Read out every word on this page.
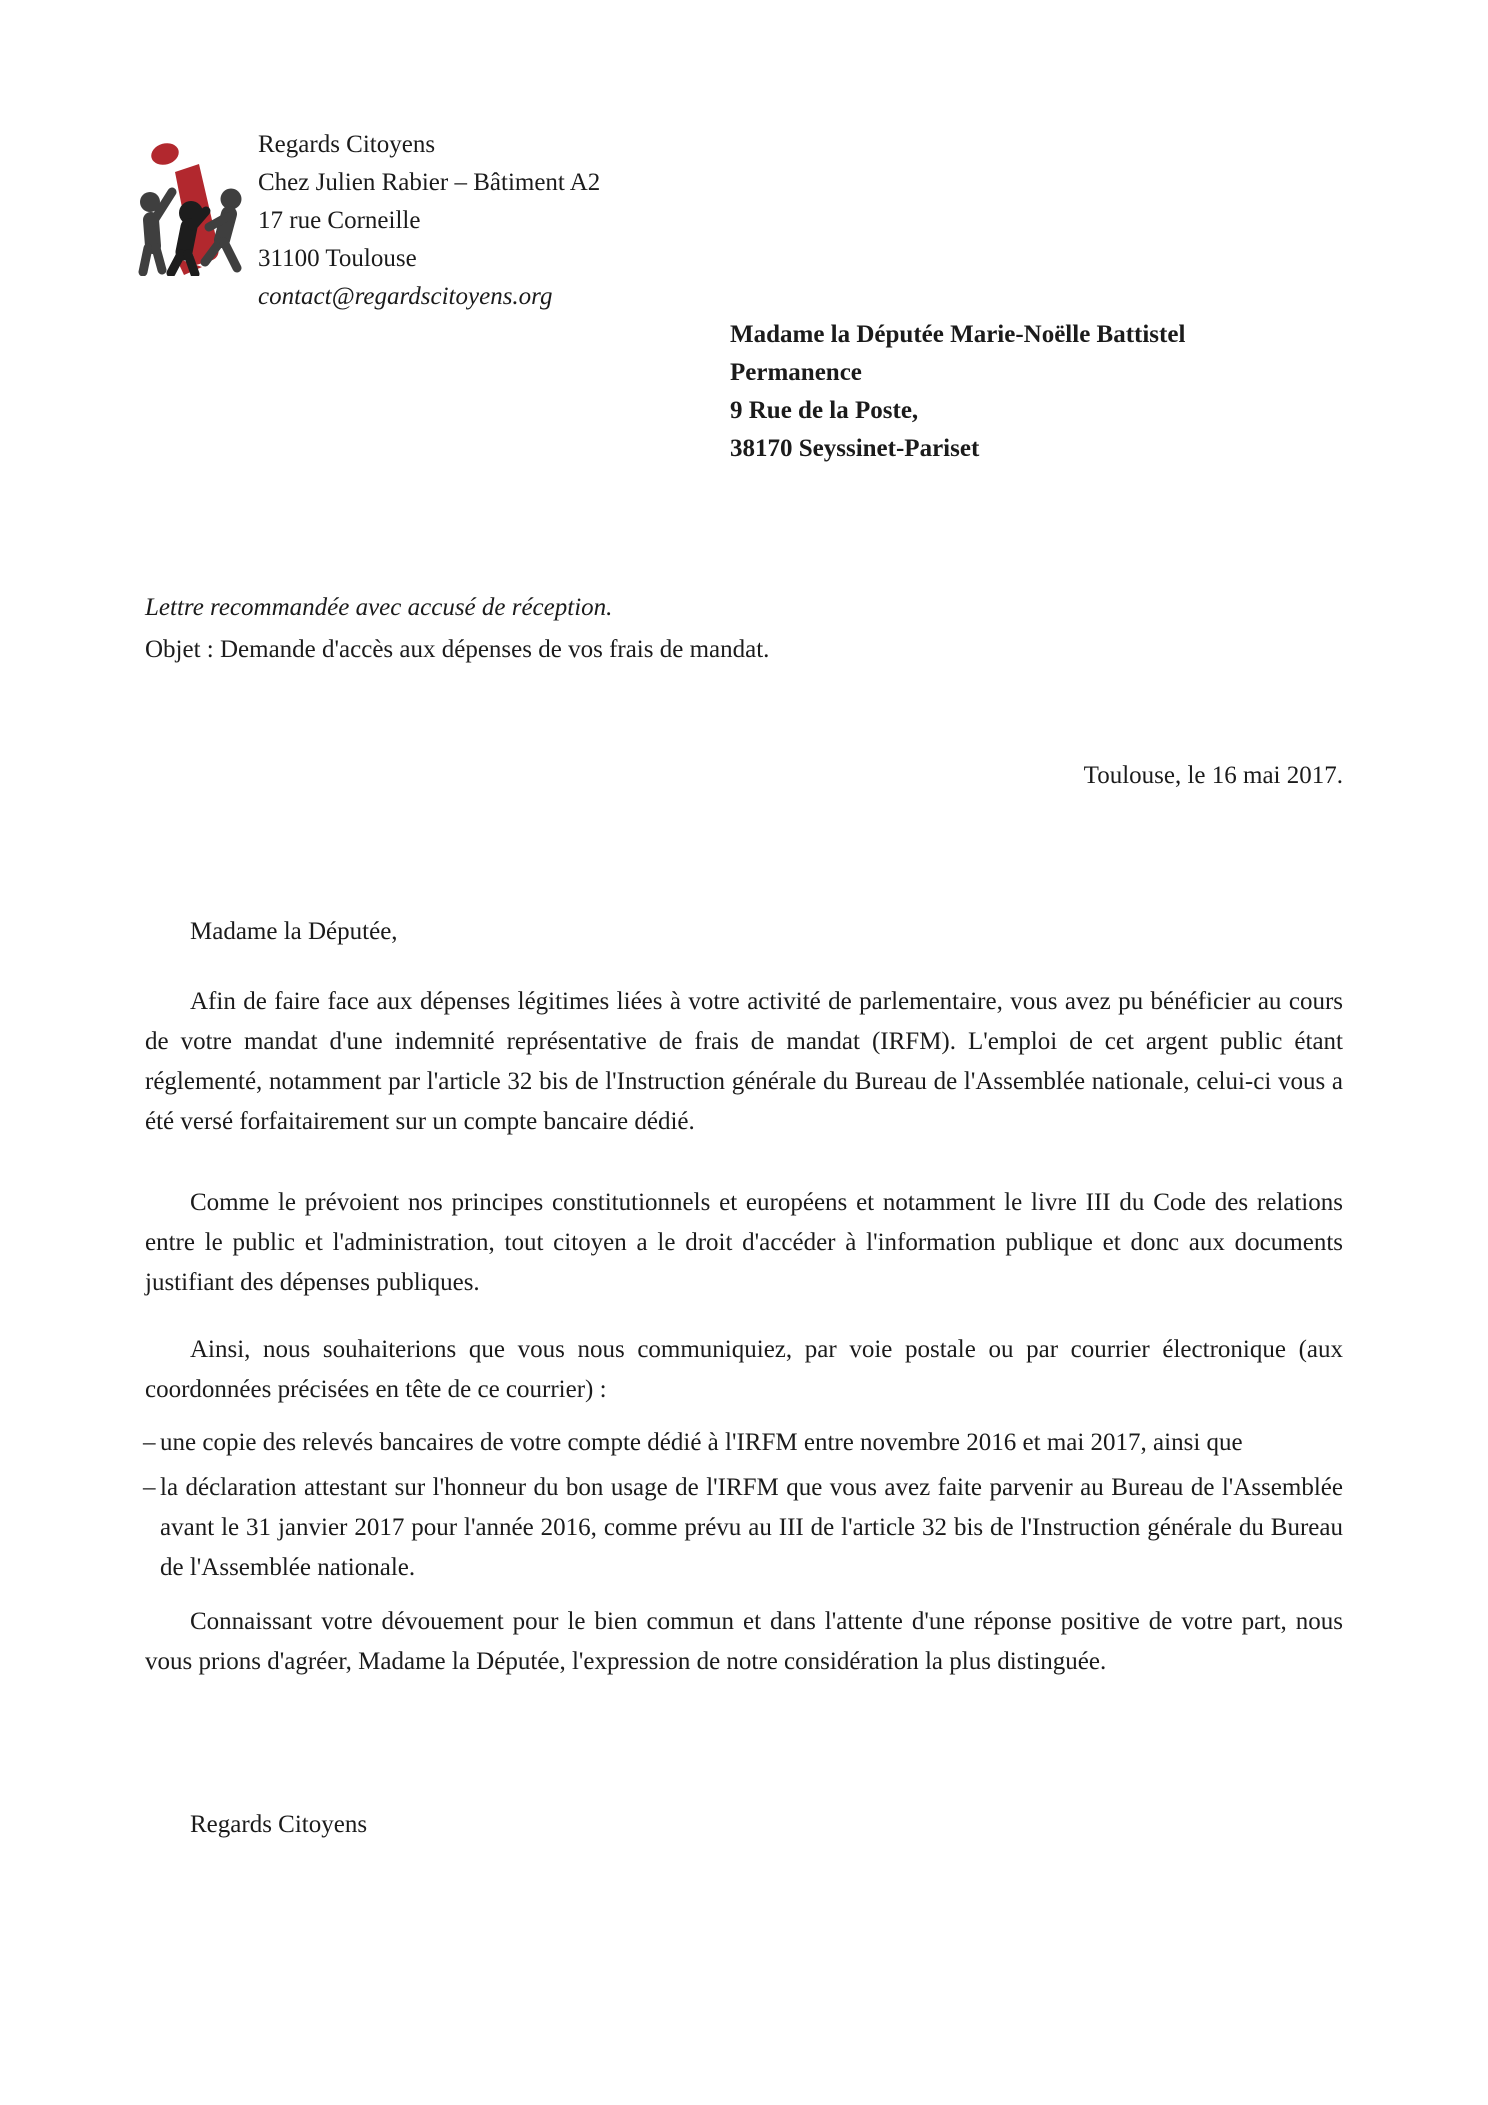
Regards Citoyens
Chez Julien Rabier – Bâtiment A2
17 rue Corneille
31100 Toulouse
contact@regardscitoyens.org
Madame la Députée Marie-Noëlle Battistel
Permanence
9 Rue de la Poste,
38170 Seyssinet-Pariset
Lettre recommandée avec accusé de réception.
Objet : Demande d'accès aux dépenses de vos frais de mandat.
Toulouse, le 16 mai 2017.
Madame la Députée,

Afin de faire face aux dépenses légitimes liées à votre activité de parlementaire, vous avez pu bénéficier au cours de votre mandat d'une indemnité représentative de frais de mandat (IRFM). L'emploi de cet argent public étant réglementé, notamment par l'article 32 bis de l'Instruction générale du Bureau de l'Assemblée nationale, celui-ci vous a été versé forfaitairement sur un compte bancaire dédié.

Comme le prévoient nos principes constitutionnels et européens et notamment le livre III du Code des relations entre le public et l'administration, tout citoyen a le droit d'accéder à l'information publique et donc aux documents justifiant des dépenses publiques.

Ainsi, nous souhaiterions que vous nous communiquiez, par voie postale ou par courrier électronique (aux coordonnées précisées en tête de ce courrier) :

– une copie des relevés bancaires de votre compte dédié à l'IRFM entre novembre 2016 et mai 2017, ainsi que
– la déclaration attestant sur l'honneur du bon usage de l'IRFM que vous avez faite parvenir au Bureau de l'Assemblée avant le 31 janvier 2017 pour l'année 2016, comme prévu au III de l'article 32 bis de l'Instruction générale du Bureau de l'Assemblée nationale.

Connaissant votre dévouement pour le bien commun et dans l'attente d'une réponse positive de votre part, nous vous prions d'agréer, Madame la Députée, l'expression de notre considération la plus distinguée.

Regards Citoyens
